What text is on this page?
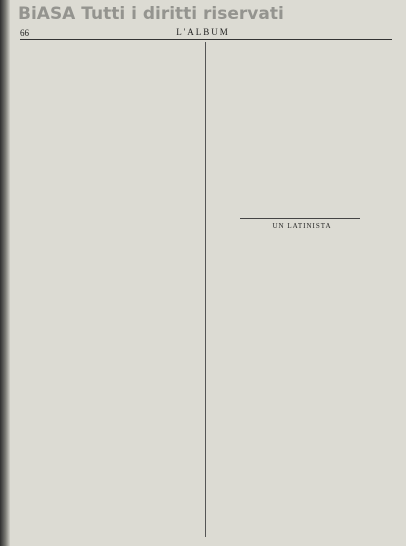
BiASA Tutti i diritti riservati
66	L'ALBUM
UN LATINISTA
